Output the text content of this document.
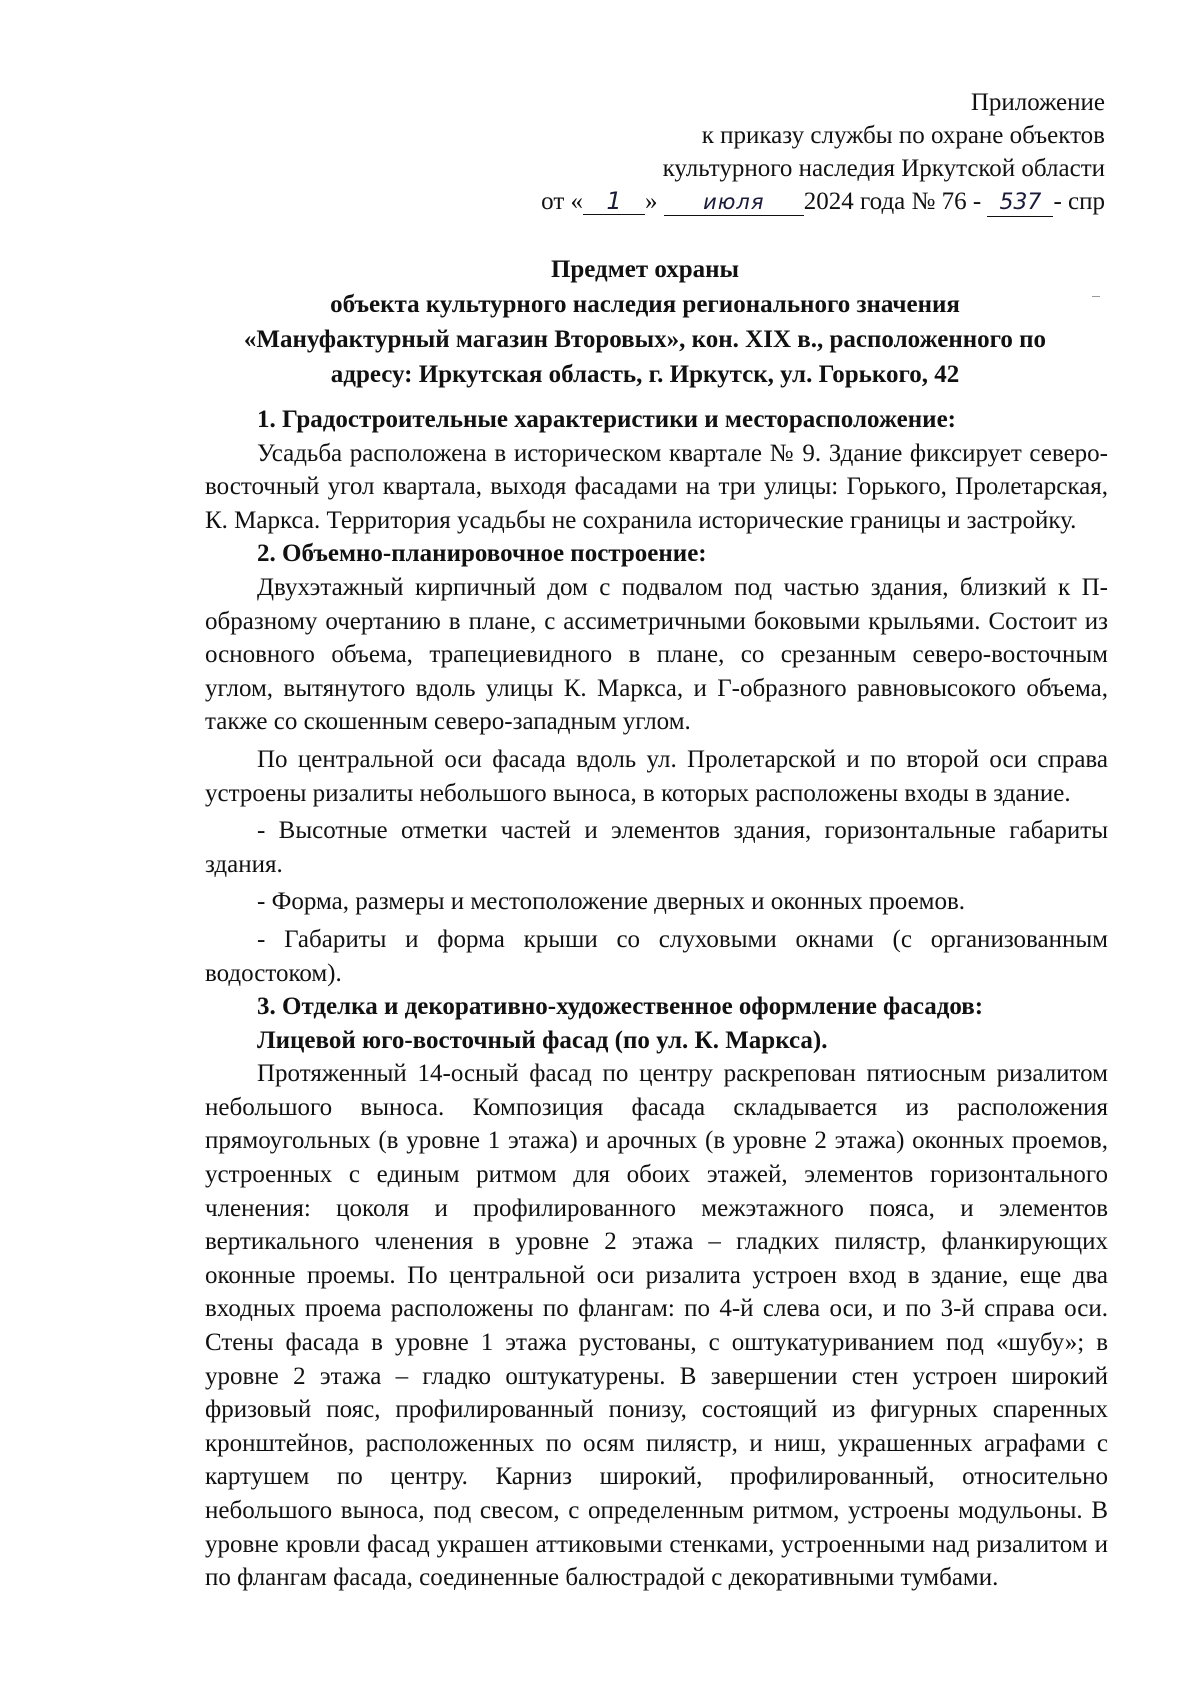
Приложение
к приказу службы по охране объектов
культурного наследия Иркутской области
от « 1 » июля 2024 года № 76 - 537 - спр
Предмет охраны
объекта культурного наследия регионального значения
«Мануфактурный магазин Второвых», кон. XIX в., расположенного по
адресу: Иркутская область, г. Иркутск, ул. Горького, 42

1. Градостроительные характеристики и месторасположение:

Усадьба расположена в историческом квартале № 9. Здание фиксирует северо-восточный угол квартала, выходя фасадами на три улицы: Горького, Пролетарская, К. Маркса. Территория усадьбы не сохранила исторические границы и застройку.

2. Объемно-планировочное построение:

Двухэтажный кирпичный дом с подвалом под частью здания, близкий к П-образному очертанию в плане, с ассиметричными боковыми крыльями. Состоит из основного объема, трапециевидного в плане, со срезанным северо-восточным углом, вытянутого вдоль улицы К. Маркса, и Г-образного равновысокого объема, также со скошенным северо-западным углом.

По центральной оси фасада вдоль ул. Пролетарской и по второй оси справа устроены ризалиты небольшого выноса, в которых расположены входы в здание.

- Высотные отметки частей и элементов здания, горизонтальные габариты здания.

- Форма, размеры и местоположение дверных и оконных проемов.

- Габариты и форма крыши со слуховыми окнами (с организованным водостоком).

3. Отделка и декоративно-художественное оформление фасадов:

Лицевой юго-восточный фасад (по ул. К. Маркса).

Протяженный 14-осный фасад по центру раскрепован пятиосным ризалитом небольшого выноса. Композиция фасада складывается из расположения прямоугольных (в уровне 1 этажа) и арочных (в уровне 2 этажа) оконных проемов, устроенных с единым ритмом для обоих этажей, элементов горизонтального членения: цоколя и профилированного межэтажного пояса, и элементов вертикального членения в уровне 2 этажа – гладких пилястр, фланкирующих оконные проемы. По центральной оси ризалита устроен вход в здание, еще два входных проема расположены по флангам: по 4-й слева оси, и по 3-й справа оси. Стены фасада в уровне 1 этажа рустованы, с оштукатуриванием под «шубу»; в уровне 2 этажа – гладко оштукатурены. В завершении стен устроен широкий фризовый пояс, профилированный понизу, состоящий из фигурных спаренных кронштейнов, расположенных по осям пилястр, и ниш, украшенных аграфами с картушем по центру. Карниз широкий, профилированный, относительно небольшого выноса, под свесом, с определенным ритмом, устроены модульоны. В уровне кровли фасад украшен аттиковыми стенками, устроенными над ризалитом и по флангам фасада, соединенные балюстрадой с декоративными тумбами.
